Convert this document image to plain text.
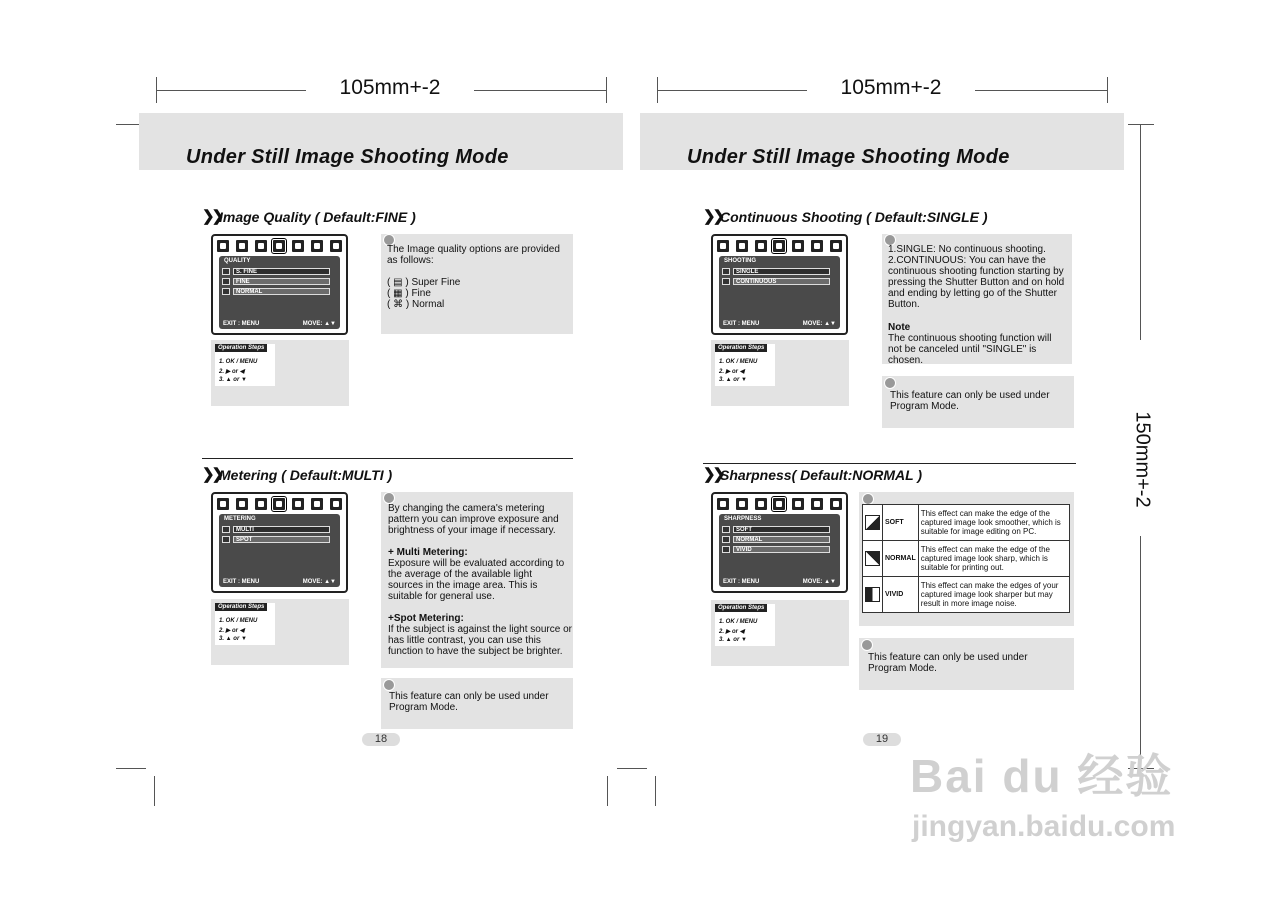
105mm+-2	105mm+-2
150mm+-2
Under Still Image Shooting Mode
❯❯
Image Quality ( Default:FINE )
QUALITY
S. FINE
FINE
NORMAL
EXIT : MENU	MOVE: ▲▼
The Image quality options are provided as follows:
( ▤ ) Super Fine
( ▦ ) Fine
( ⌘ ) Normal
Operation Steps
1. OK / MENU
2. ▶ or ◀
3. ▲ or ▼
❯❯
Metering ( Default:MULTI )
METERING
MULTI
SPOT
EXIT : MENU	MOVE: ▲▼
By changing the camera's metering pattern you can improve exposure and brightness of your image if necessary.
+ Multi Metering:
Exposure will be evaluated according to the average of the available light sources in the image area. This is suitable for general use.
+Spot Metering:
If the subject is against the light source or has little contrast, you can use this function to have the subject be brighter.
This feature can only be used under Program Mode.
Operation Steps
1. OK / MENU
2. ▶ or ◀
3. ▲ or ▼
18
Under Still Image Shooting Mode
❯❯
Continuous Shooting ( Default:SINGLE )
SHOOTING
SINGLE
CONTINUOUS
EXIT : MENU	MOVE: ▲▼
1.SINGLE: No continuous shooting.
2.CONTINUOUS: You can have the continuous shooting function starting by pressing the Shutter Button and on hold and ending by letting go of the Shutter Button.
Note
The continuous shooting function will not be canceled until "SINGLE" is chosen.
This feature can only be used under Program Mode.
Operation Steps
1. OK / MENU
2. ▶ or ◀
3. ▲ or ▼
❯❯
Sharpness( Default:NORMAL )
SHARPNESS
SOFT
NORMAL
VIVID
EXIT : MENU	MOVE: ▲▼
	SOFT	This effect can make the edge of the captured image look smoother, which is suitable for image editing on PC.

	NORMAL	This effect can make the edge of the captured image look sharp, which is suitable for printing out.

	VIVID	This effect can make the edges of your captured image look sharper but may result in more image noise.
This feature can only be used under Program Mode.
Operation Steps
1. OK / MENU
2. ▶ or ◀
3. ▲ or ▼
19
Bai du 经验
jingyan.baidu.com
